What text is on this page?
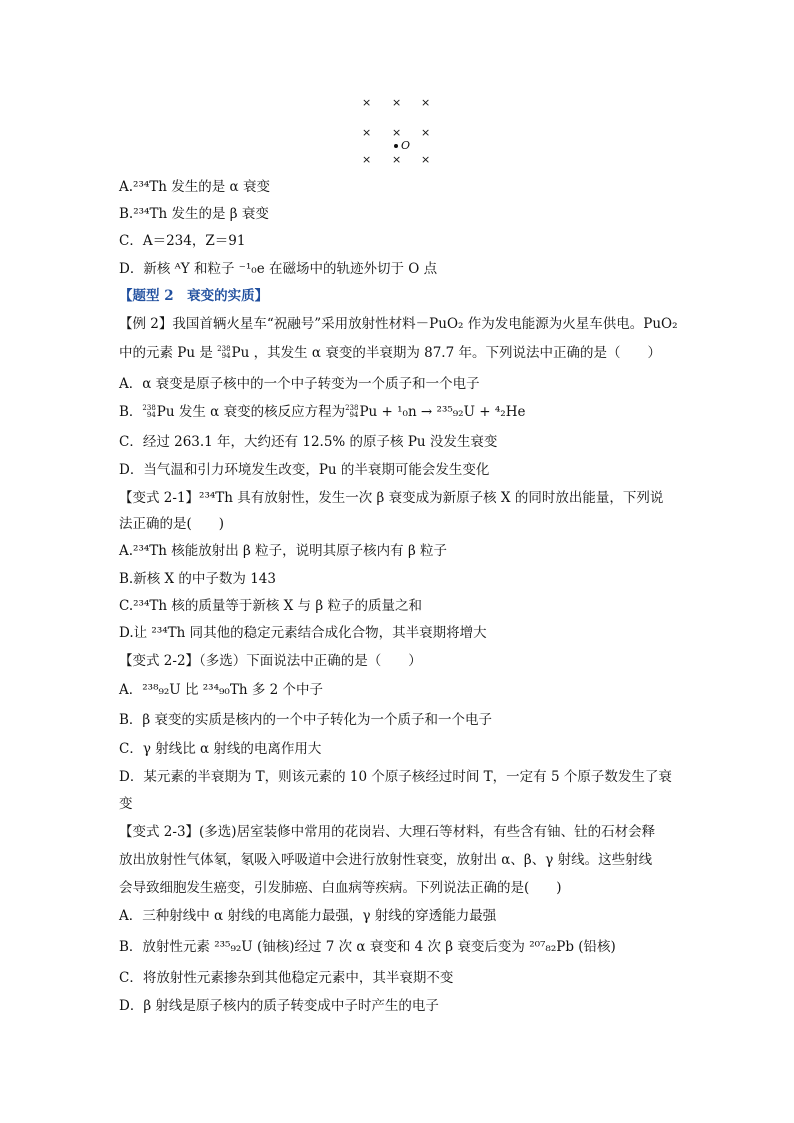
× × ×
× × ×
O
× × ×
A.²³⁴Th 发生的是 α 衰变
B.²³⁴Th 发生的是 β 衰变
C．A＝234，Z＝91
D．新核 ᴬY 和粒子 ⁻¹₀e 在磁场中的轨迹外切于 O 点
【题型 2　衰变的实质】
【例 2】我国首辆火星车“祝融号”采用放射性材料－PuO₂ 作为发电能源为火星车供电。PuO₂
中的元素 Pu 是 238
94 Pu ，其发生 α 衰变的半衰期为 87.7 年。下列说法中正确的是（　　）
A．α 衰变是原子核中的一个中子转变为一个质子和一个电子
B． 238
94 Pu 发生 α 衰变的核反应方程为 238
94 Pu + ¹₀n → ²³⁵₉₂U + ⁴₂He
C．经过 263.1 年，大约还有 12.5% 的原子核 Pu 没发生衰变
D．当气温和引力环境发生改变，Pu 的半衰期可能会发生变化
【变式 2-1】²³⁴Th 具有放射性，发生一次 β 衰变成为新原子核 X 的同时放出能量，下列说
法正确的是(　　)
A.²³⁴Th 核能放射出 β 粒子，说明其原子核内有 β 粒子
B.新核 X 的中子数为 143
C.²³⁴Th 核的质量等于新核 X 与 β 粒子的质量之和
D.让 ²³⁴Th 同其他的稳定元素结合成化合物，其半衰期将增大
【变式 2-2】（多选）下面说法中正确的是（　　）
A．²³⁸₉₂U 比 ²³⁴₉₀Th 多 2 个中子
B．β 衰变的实质是核内的一个中子转化为一个质子和一个电子
C．γ 射线比 α 射线的电离作用大
D．某元素的半衰期为 T，则该元素的 10 个原子核经过时间 T，一定有 5 个原子数发生了衰
变
【变式 2-3】(多选)居室装修中常用的花岗岩、大理石等材料，有些含有铀、钍的石材会释
放出放射性气体氡，氡吸入呼吸道中会进行放射性衰变，放射出 α、β、γ 射线。这些射线
会导致细胞发生癌变，引发肺癌、白血病等疾病。下列说法正确的是(　　)
A．三种射线中 α 射线的电离能力最强，γ 射线的穿透能力最强
B．放射性元素 ²³⁵₉₂U (铀核)经过 7 次 α 衰变和 4 次 β 衰变后变为 ²⁰⁷₈₂Pb (铅核)
C．将放射性元素掺杂到其他稳定元素中，其半衰期不变
D．β 射线是原子核内的质子转变成中子时产生的电子
